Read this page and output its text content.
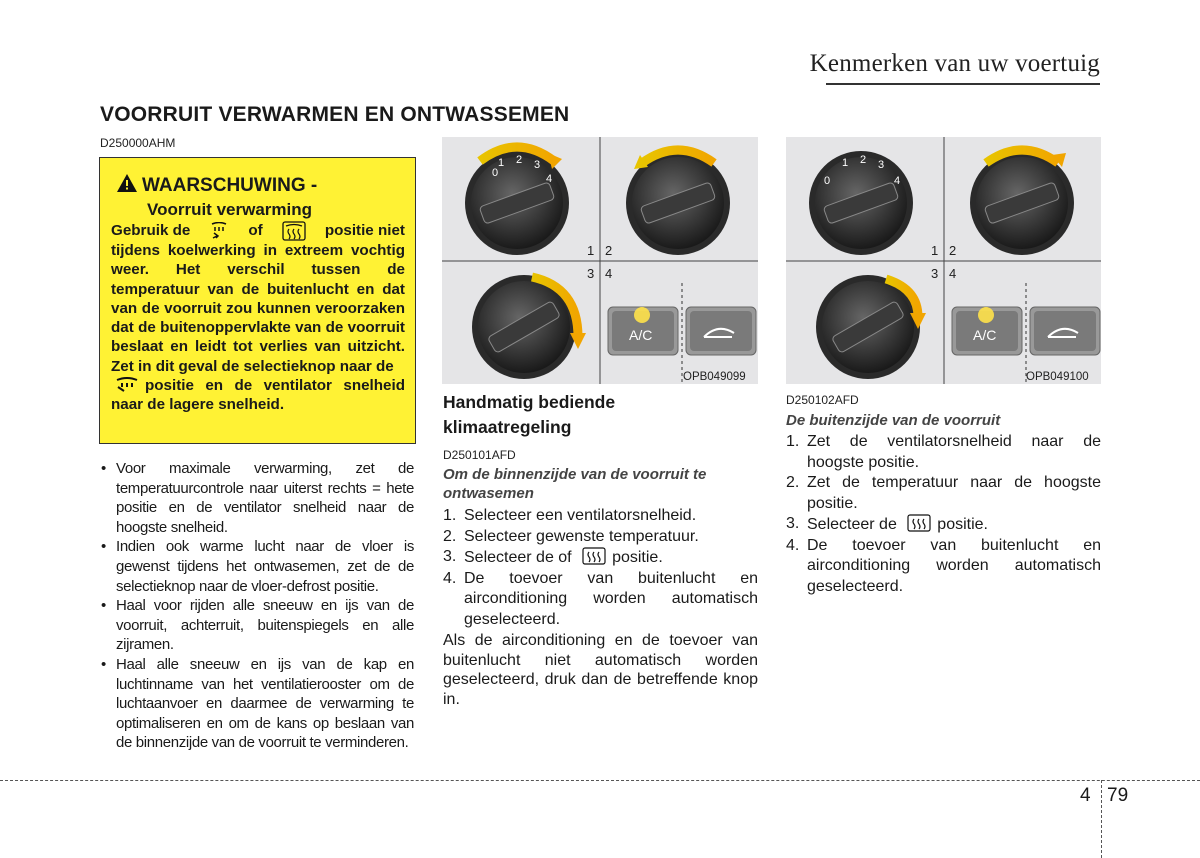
Kenmerken van uw voertuig
VOORRUIT VERWARMEN EN ONTWASSEMEN
D250000AHM
WAARSCHUWING -
Voorruit verwarming
Gebruik de	of	positie niet
tijdens koelwerking in extreem vochtig weer. Het verschil tussen de temperatuur van de buitenlucht en dat van de voorruit zou kunnen veroorzaken dat de buitenoppervlakte van de voorruit beslaat en leidt tot verlies van uitzicht. Zet in dit geval de selectieknop naar de
positie en de ventilator snelheid naar de lagere snelheid.
• Voor maximale verwarming, zet de temperatuurcontrole naar uiterst rechts = hete positie en de ventilator snelheid naar de hoogste snelheid.
• Indien ook warme lucht naar de vloer is gewenst tijdens het ontwasemen, zet de de selectieknop naar de vloer-defrost positie.
• Haal voor rijden alle sneeuw en ijs van de voorruit, achterruit, buitenspiegels en alle zijramen.
• Haal alle sneeuw en ijs van de kap en luchtinname van het ventilatierooster om de luchtaanvoer en daarmee de verwarming te optimaliseren en om de kans op beslaan van de binnenzijde van de voorruit te verminderen.
0
1 2 3
4
1 2
3 4
A/C
OPB049099
0
1 2 3
4
1 2
3 4
A/C
OPB049100
Handmatig bediende klimaatregeling
D250101AFD
Om de binnenzijde van de voorruit te ontwasemen
1. Selecteer een ventilatorsnelheid.
2. Selecteer gewenste temperatuur.
3. Selecteer de of	positie.
4. De toevoer van buitenlucht en airconditioning worden automatisch geselecteerd.
Als de airconditioning en de toevoer van buitenlucht niet automatisch worden geselecteerd, druk dan de betreffende knop in.
D250102AFD
De buitenzijde van de voorruit
1. Zet de ventilatorsnelheid naar de hoogste positie.
2. Zet de temperatuur naar de hoogste positie.
3. Selecteer de	positie.
4. De toevoer van buitenlucht en airconditioning worden automatisch geselecteerd.
4 79
